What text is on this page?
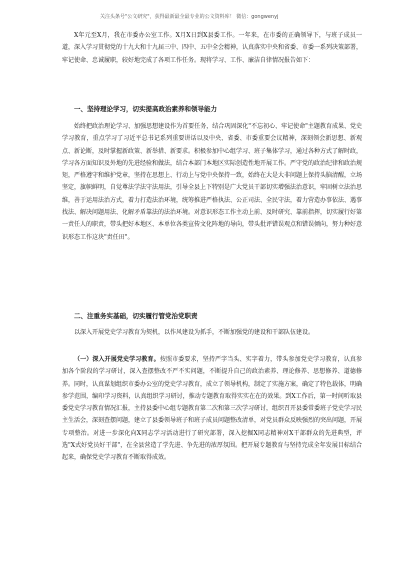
关注头条号"公文研究"，获得最新最全最专业的公文资料库！ 微信：gongwenyj

X年元至X月，我在市委办公室工作。X月X日到X县委工作。一年来，在市委的正确领导下，与班子成员一道，深入学习贯彻党的十九大和十九届三中、四中、五中全会精神，认真落实中央和省委、市委一系列决策部署，牢记使命、忠诚履职，较好地完成了各项工作任务。现将学习、工作、廉洁自律情况报告如下：

一、坚持理论学习，切实提高政治素养和领导能力

始终把政治理论学习、加强思想建设作为首要任务，结合巩固深化"不忘初心、牢记使命"主题教育成果、党史学习教育，重点学习了习近平总书记系列重要讲话以及中央、省委、市委重要会议精神，深刻领会新思想、新观点、新论断，及时掌握新政策、新举措、新要求。积极参加中心组学习、班子集体学习，通过各种方式了解时政，学习各方面知识及外地的先进经验和做法，结合本部门本地区实际创造性地开展工作。严守党的政治纪律和政治规矩，严格遵守和维护党章，坚持在思想上、行动上与党中央保持一致，始终在大是大非问题上保持头脑清醒，立场坚定，旗帜鲜明，自觉尊法学法守法用法，引导全县上下特别是广大党员干部切实增强法治意识，牢固树立法治思维，善于运用法治方式，着力打造法治环境，统筹推进严格执法、公正司法、全民守法，着力营造办事依法、遇事找法、解决问题用法、化解矛盾靠法的法治环境。对意识形态工作主动上前、及时研究、靠前指挥，切实履行好第一责任人的职责，带头把好本地区、本单位各类宣传文化阵地的导向，带头批评错误观点和错误倾向，努力种好意识形态工作这块"责任田"。

二、注重务实基础，切实履行管党治党职责

以深入开展党史学习教育为契机，以作风建设为抓手，不断加强党的建设和干部队伍建设。

（一）深入开展党史学习教育。按照市委要求，坚持严字当头、实字着力，带头参加党史学习教育，认真参加各个阶段的学习研讨，深入查摆整改不严不实问题，不断提升自己的政治素养、理论修养、思想修养、道德修养。同时，认真谋划组织市委办公室的党史学习教育，成立了领导机构，制定了实施方案，确定了特色载体，明确参学范围，编印学习资料，认真组织学习研讨，推动专题教育取得实实在在的效果。到X工作后，第一时间听取县委党史学习教育情况汇报，主持县委中心组专题教育第二次和第三次学习研讨，组织召开县委常委班子党史学习民主生活会，深刻查摆问题，建立了县委领导班子和班子成员问题整改清单，对党员群众反映强烈的突出问题，开展专项整治。对进一步深化向X同志学习活动进行了研究部署，深入挖掘X同志精神对X干部群众的先进典型，评选"X式好党员好干部"，在全县营造了学先进、争先进的浓厚氛围。把开展专题教育与坚持完成全年发展目标结合起来，确保党史学习教育不断取得成效。
